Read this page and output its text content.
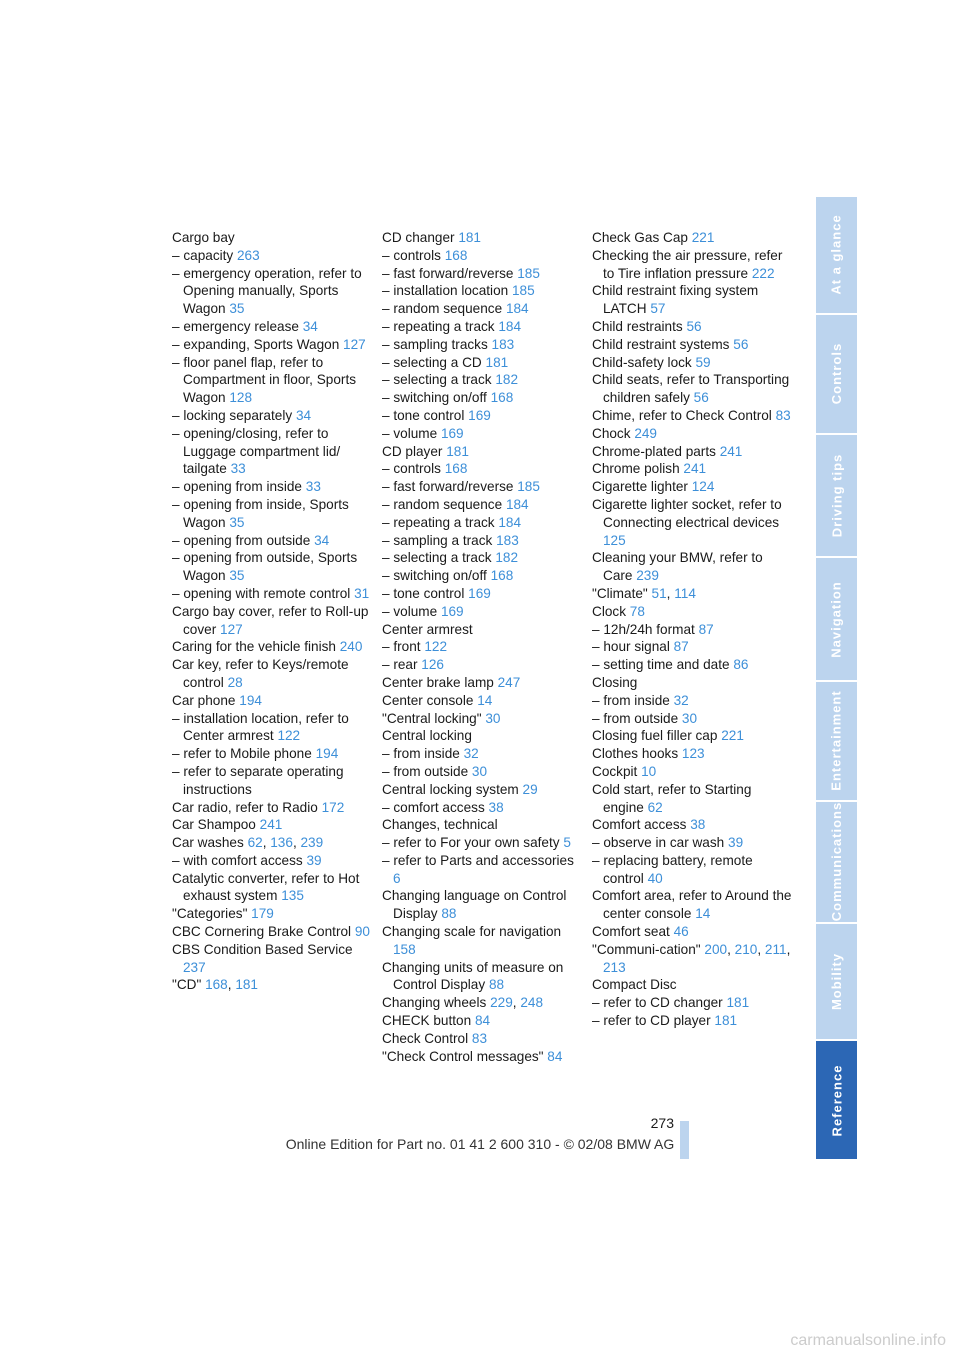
Cargo bay
– capacity 263
– emergency operation, refer to Opening manually, Sports Wagon 35
– emergency release 34
– expanding, Sports Wagon 127
– floor panel flap, refer to Compartment in floor, Sports Wagon 128
– locking separately 34
– opening/closing, refer to Luggage compartment lid/ tailgate 33
– opening from inside 33
– opening from inside, Sports Wagon 35
– opening from outside 34
– opening from outside, Sports Wagon 35
– opening with remote control 31
Cargo bay cover, refer to Roll-up cover 127
Caring for the vehicle finish 240
Car key, refer to Keys/remote control 28
Car phone 194
– installation location, refer to Center armrest 122
– refer to Mobile phone 194
– refer to separate operating instructions
Car radio, refer to Radio 172
Car Shampoo 241
Car washes 62, 136, 239
– with comfort access 39
Catalytic converter, refer to Hot exhaust system 135
"Categories" 179
CBC Cornering Brake Control 90
CBS Condition Based Service 237
"CD" 168, 181
CD changer 181
– controls 168
– fast forward/reverse 185
– installation location 185
– random sequence 184
– repeating a track 184
– sampling tracks 183
– selecting a CD 181
– selecting a track 182
– switching on/off 168
– tone control 169
– volume 169
CD player 181
– controls 168
– fast forward/reverse 185
– random sequence 184
– repeating a track 184
– sampling a track 183
– selecting a track 182
– switching on/off 168
– tone control 169
– volume 169
Center armrest
– front 122
– rear 126
Center brake lamp 247
Center console 14
"Central locking" 30
Central locking
– from inside 32
– from outside 30
Central locking system 29
– comfort access 38
Changes, technical
– refer to For your own safety 5
– refer to Parts and accessories 6
Changing language on Control Display 88
Changing scale for navigation 158
Changing units of measure on Control Display 88
Changing wheels 229, 248
CHECK button 84
Check Control 83
"Check Control messages" 84
Check Gas Cap 221
Checking the air pressure, refer to Tire inflation pressure 222
Child restraint fixing system LATCH 57
Child restraints 56
Child restraint systems 56
Child-safety lock 59
Child seats, refer to Transporting children safely 56
Chime, refer to Check Control 83
Chock 249
Chrome-plated parts 241
Chrome polish 241
Cigarette lighter 124
Cigarette lighter socket, refer to Connecting electrical devices 125
Cleaning your BMW, refer to Care 239
"Climate" 51, 114
Clock 78
– 12h/24h format 87
– hour signal 87
– setting time and date 86
Closing
– from inside 32
– from outside 30
Closing fuel filler cap 221
Clothes hooks 123
Cockpit 10
Cold start, refer to Starting engine 62
Comfort access 38
– observe in car wash 39
– replacing battery, remote control 40
Comfort area, refer to Around the center console 14
Comfort seat 46
"Communi-cation" 200, 210, 211, 213
Compact Disc
– refer to CD changer 181
– refer to CD player 181
At a glance
Controls
Driving tips
Navigation
Entertainment
Communications
Mobility
Reference
273
Online Edition for Part no. 01 41 2 600 310 - © 02/08 BMW AG
carmanualsonline.info
